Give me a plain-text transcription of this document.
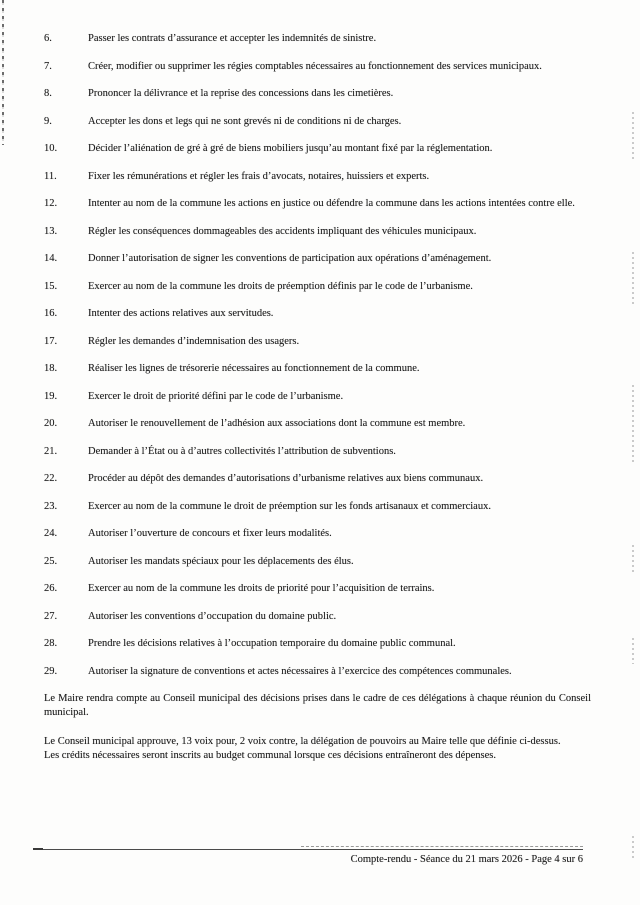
6.	Passer les contrats d’assurance et accepter les indemnités de sinistre.

7.	Créer, modifier ou supprimer les régies comptables nécessaires au fonctionnement des services municipaux.

8.	Prononcer la délivrance et la reprise des concessions dans les cimetières.

9.	Accepter les dons et legs qui ne sont grevés ni de conditions ni de charges.

10.	Décider l’aliénation de gré à gré de biens mobiliers jusqu’au montant fixé par la réglementation.

11.	Fixer les rémunérations et régler les frais d’avocats, notaires, huissiers et experts.

12.	Intenter au nom de la commune les actions en justice ou défendre la commune dans les actions intentées contre elle.

13.	Régler les conséquences dommageables des accidents impliquant des véhicules municipaux.

14.	Donner l’autorisation de signer les conventions de participation aux opérations d’aménagement.

15.	Exercer au nom de la commune les droits de préemption définis par le code de l’urbanisme.

16.	Intenter des actions relatives aux servitudes.

17.	Régler les demandes d’indemnisation des usagers.

18.	Réaliser les lignes de trésorerie nécessaires au fonctionnement de la commune.

19.	Exercer le droit de priorité défini par le code de l’urbanisme.

20.	Autoriser le renouvellement de l’adhésion aux associations dont la commune est membre.

21.	Demander à l’État ou à d’autres collectivités l’attribution de subventions.

22.	Procéder au dépôt des demandes d’autorisations d’urbanisme relatives aux biens communaux.

23.	Exercer au nom de la commune le droit de préemption sur les fonds artisanaux et commerciaux.

24.	Autoriser l’ouverture de concours et fixer leurs modalités.

25.	Autoriser les mandats spéciaux pour les déplacements des élus.

26.	Exercer au nom de la commune les droits de priorité pour l’acquisition de terrains.

27.	Autoriser les conventions d’occupation du domaine public.

28.	Prendre les décisions relatives à l’occupation temporaire du domaine public communal.

29.	Autoriser la signature de conventions et actes nécessaires à l’exercice des compétences communales.

Le Maire rendra compte au Conseil municipal des décisions prises dans le cadre de ces délégations à chaque réunion du Conseil municipal.

Le Conseil municipal approuve, 13 voix pour, 2 voix contre, la délégation de pouvoirs au Maire telle que définie ci-dessus.

Les crédits nécessaires seront inscrits au budget communal lorsque ces décisions entraîneront des dépenses.

Compte-rendu - Séance du 21 mars 2026 - Page 4 sur 6
